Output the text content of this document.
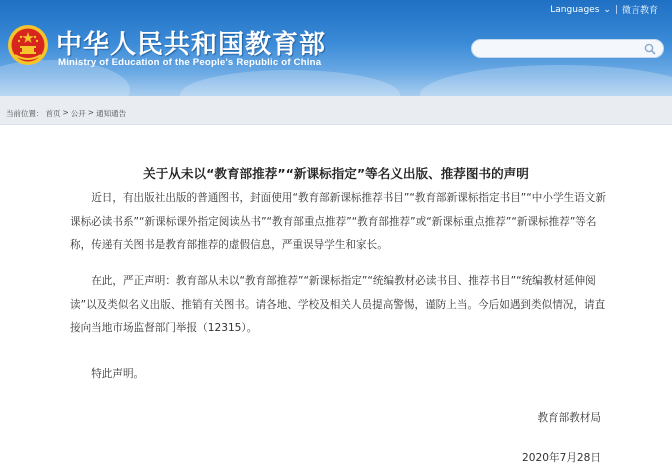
Languages ⌄ | 微言教育
中华人民共和国教育部
Ministry of Education of the People's Republic of China
当前位置： 首页 > 公开 > 通知通告
关于从未以“教育部推荐”“新课标指定”等名义出版、推荐图书的声明

近日，有出版社出版的普通图书，封面使用“教育部新课标推荐书目”“教育部新课标指定书目”“中小学生语文新课标必读书系”“新课标课外指定阅读丛书”“教育部重点推荐”“教育部推荐”或“新课标重点推荐”“新课标推荐”等名称，传递有关图书是教育部推荐的虚假信息，严重误导学生和家长。

在此，严正声明：教育部从未以“教育部推荐”“新课标指定”“统编教材必读书目、推荐书目”“统编教材延伸阅读”以及类似名义出版、推销有关图书。请各地、学校及相关人员提高警惕，谨防上当。今后如遇到类似情况，请直接向当地市场监督部门举报（12315）。

特此声明。

教育部教材局
2020年7月28日
